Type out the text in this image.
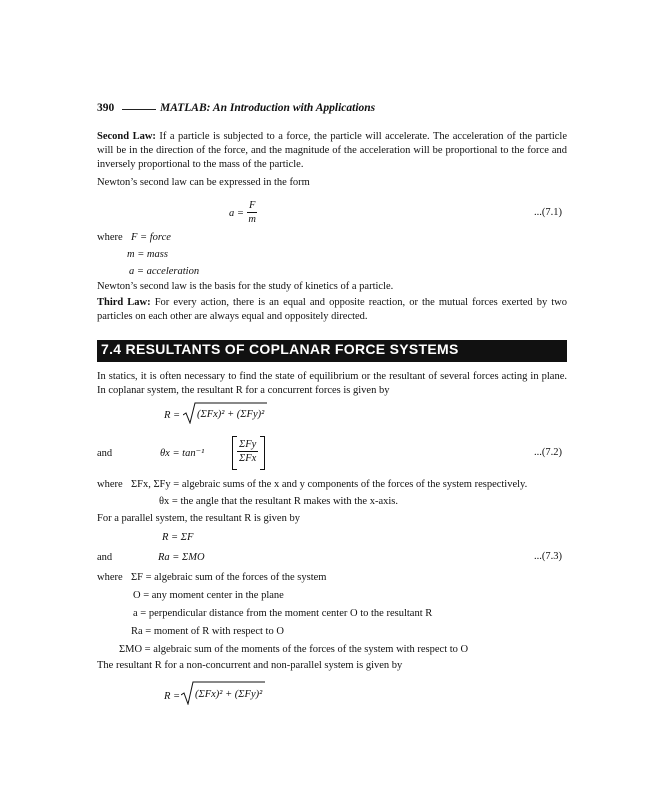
390	MATLAB: An Introduction with Applications
Second Law: If a particle is subjected to a force, the particle will accelerate. The acceleration of the particle will be in the direction of the force, and the magnitude of the acceleration will be proportional to the force and inversely proportional to the mass of the particle.
Newton’s second law can be expressed in the form
$a = \frac{F}{m}$	...(7.1)
where F = force
m = mass
a = acceleration
Newton’s second law is the basis for the study of kinetics of a particle.
Third Law: For every action, there is an equal and opposite reaction, or the mutual forces exerted by two particles on each other are always equal and oppositely directed.
7.4 RESULTANTS OF COPLANAR FORCE SYSTEMS
In statics, it is often necessary to find the state of equilibrium or the resultant of several forces acting in plane. In coplanar system, the resultant R for a concurrent forces is given by
R = (ΣFx)² + (ΣFy)²
and	θx = tan⁻¹
ΣFy
ΣFx
...(7.2)
where ΣFx, ΣFy = algebraic sums of the x and y components of the forces of the system respectively.
θx = the angle that the resultant R makes with the x-axis.
For a parallel system, the resultant R is given by
R = ΣF
and	Ra = ΣMO	...(7.3)
where ΣF = algebraic sum of the forces of the system
O = any moment center in the plane
a = perpendicular distance from the moment center O to the resultant R
Ra = moment of R with respect to O
ΣMO = algebraic sum of the moments of the forces of the system with respect to O
The resultant R for a non-concurrent and non-parallel system is given by
R = (ΣFx)² + (ΣFy)²
